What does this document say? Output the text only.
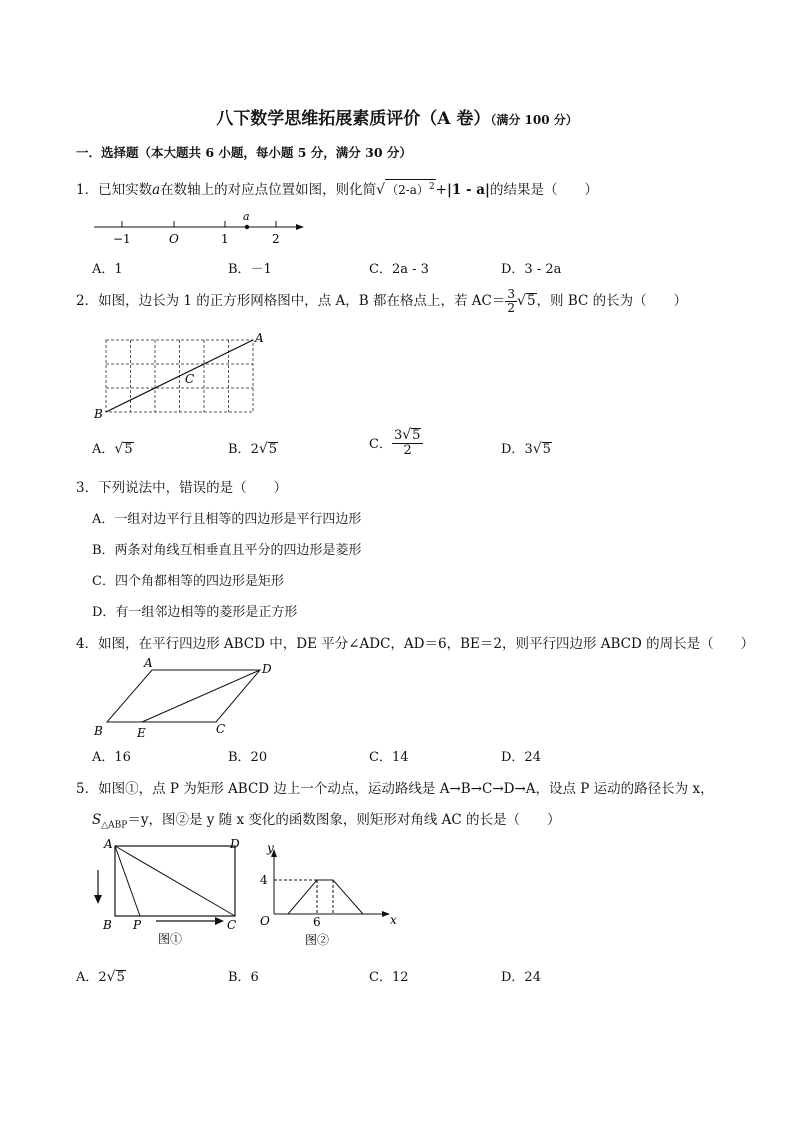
八下数学思维拓展素质评价（A 卷）（满分 100 分）
一．选择题（本大题共 6 小题，每小题 5 分，满分 30 分）
1．已知实数a在数轴上的对应点位置如图，则化简$√(2-a)^2+|1 - a|$的结果是（　　）
a
−1	O	1	2
A．1	B．－1	C．2a - 3	D．3 - 2a
2．如图，边长为 1 的正方形网格图中，点 A，B 都在格点上，若 $AC= \frac{3}{2} √5$，则 BC 的长为（　　）
A
B
C
A．√5	B．2√5	C． $\frac{3√5}{2}$	D．3√5
3．下列说法中，错误的是（　　）
A．一组对边平行且相等的四边形是平行四边形
B．两条对角线互相垂直且平分的四边形是菱形
C．四个角都相等的四边形是矩形
D．有一组邻边相等的菱形是正方形
4．如图，在平行四边形 ABCD 中，DE 平分∠ADC，AD＝6，BE＝2，则平行四边形 ABCD 的周长是（　　）
A	D
B	E	C
A．16	B．20	C．14	D．24
5．如图①，点 P 为矩形 ABCD 边上一个动点，运动路线是 A→B→C→D→A，设点 P 运动的路径长为 x，
$S_{\triangle ABP}=y$，图②是 y 随 x 变化的函数图象，则矩形对角线 AC 的长是（　　）
A	D
B P	C
图①
y
x
O
4
6
图②
A．2√5	B．6	C．12	D．24
